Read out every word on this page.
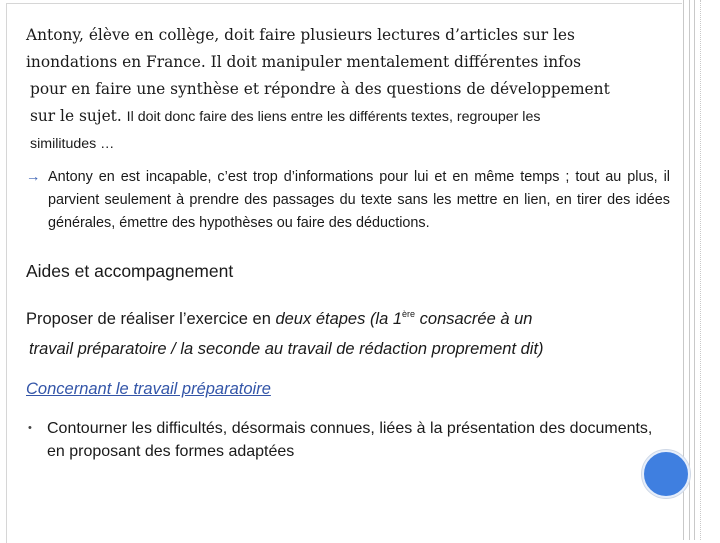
Antony, élève en collège, doit faire plusieurs lectures d’articles sur les
inondations en France. Il doit manipuler mentalement différentes infos
pour en faire une synthèse et répondre à des questions de développement
sur le sujet. Il doit donc faire des liens entre les différents textes, regrouper les
similitudes …

→ Antony en est incapable, c’est trop d’informations pour lui et en même temps ; tout au plus, il parvient seulement à prendre des passages du texte sans les mettre en lien, en tirer des idées générales, émettre des hypothèses ou faire des déductions.
Aides et accompagnement
Proposer de réaliser l’exercice en deux étapes (la 1ère consacrée à un
travail préparatoire / la seconde au travail de rédaction proprement dit)
Concernant le travail préparatoire
• Contourner les difficultés, désormais connues, liées à la présentation des documents, en proposant des formes adaptées
